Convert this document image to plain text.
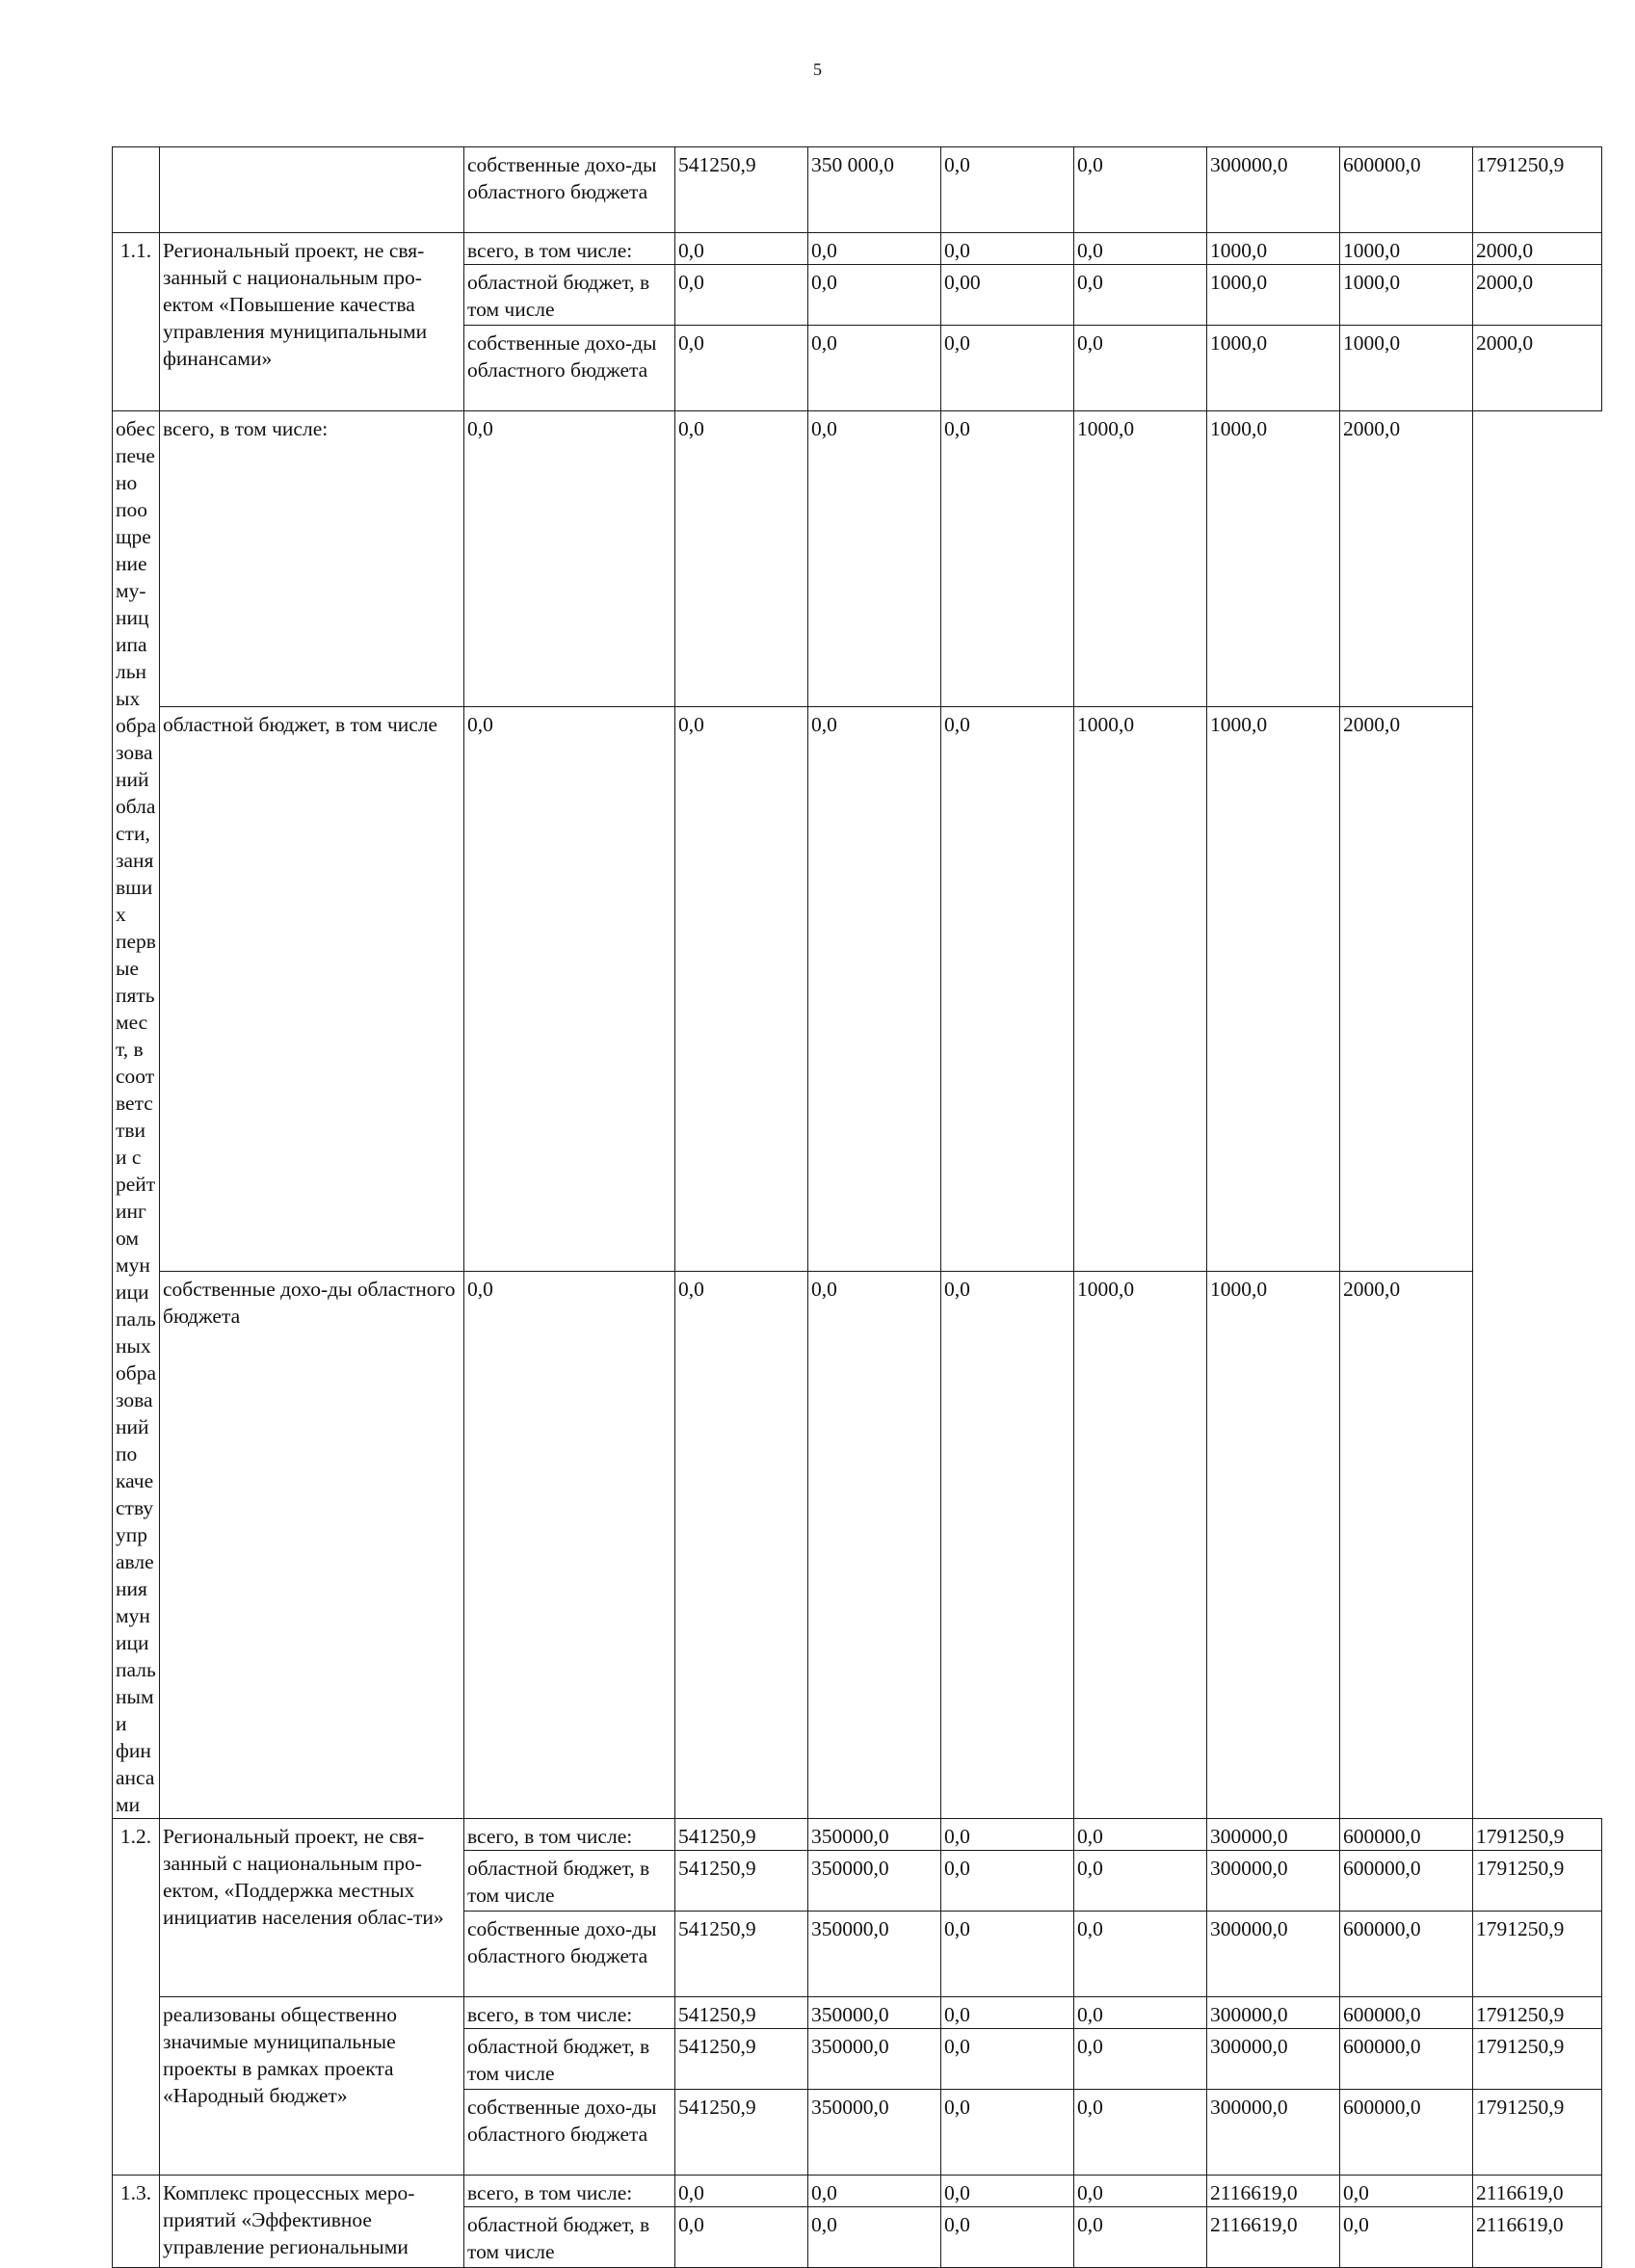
5
		собственные дохо-ды областного бюджета	541250,9	350 000,0	0,0	0,0	300000,0	600000,0	1791250,9
1.1.	Региональный проект, не свя-занный с национальным про-ектом «Повышение качества управления муниципальными финансами»	всего, в том числе:	0,0	0,0	0,0	0,0	1000,0	1000,0	2000,0
		областной бюджет, в том числе	0,0	0,0	0,00	0,0	1000,0	1000,0	2000,0
		собственные дохо-ды областного бюджета	0,0	0,0	0,0	0,0	1000,0	1000,0	2000,0
обеспечено поощрение му-ниципальных образований области, занявших первые пять мест, в соответствии с рейтингом муниципальных образований по качеству управления муниципальными финансами	всего, в том числе:	0,0	0,0	0,0	0,0	1000,0	1000,0	2000,0	
	областной бюджет, в том числе	0,0	0,0	0,0	0,0	1000,0	1000,0	2000,0	
	собственные дохо-ды областного бюджета	0,0	0,0	0,0	0,0	1000,0	1000,0	2000,0	
1.2.	Региональный проект, не свя-занный с национальным про-ектом, «Поддержка местных инициатив населения облас-ти»	всего, в том числе:	541250,9	350000,0	0,0	0,0	300000,0	600000,0	1791250,9
		областной бюджет, в том числе	541250,9	350000,0	0,0	0,0	300000,0	600000,0	1791250,9
		собственные дохо-ды областного бюджета	541250,9	350000,0	0,0	0,0	300000,0	600000,0	1791250,9
	реализованы общественно значимые муниципальные проекты в рамках проекта «Народный бюджет»	всего, в том числе:	541250,9	350000,0	0,0	0,0	300000,0	600000,0	1791250,9
		областной бюджет, в том числе	541250,9	350000,0	0,0	0,0	300000,0	600000,0	1791250,9
		собственные дохо-ды областного бюджета	541250,9	350000,0	0,0	0,0	300000,0	600000,0	1791250,9
1.3.	Комплекс процессных меро-приятий «Эффективное управление региональными	всего, в том числе:	0,0	0,0	0,0	0,0	2116619,0	0,0	2116619,0
		областной бюджет, в том числе	0,0	0,0	0,0	0,0	2116619,0	0,0	2116619,0
